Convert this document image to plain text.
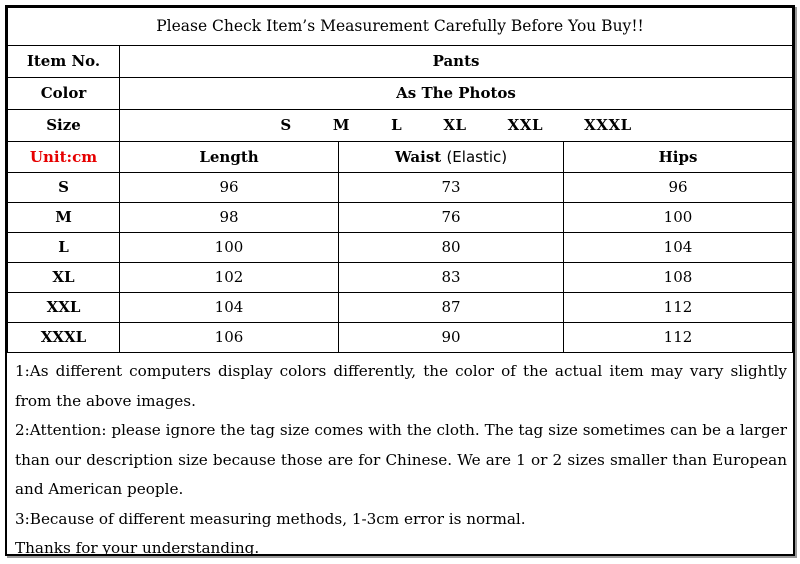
Please Check Item’s Measurement Carefully Before You Buy!!			
Item No.	Pants		
Color	As The Photos		
Size	S   M   L   XL   XXL   XXXL		
Unit:cm	Length	Waist (Elastic)	Hips
S	96	73	96
M	98	76	100
L	100	80	104
XL	102	83	108
XXL	104	87	112
XXXL	106	90	112

1:As different computers display colors differently, the color of the actual item may vary slightly from the above images.

2:Attention: please ignore the tag size comes with the cloth. The tag size sometimes can be a larger than our description size because those are for Chinese. We are 1 or 2 sizes smaller than European and American people.

3:Because of different measuring methods, 1-3cm error is normal.

Thanks for your understanding.
